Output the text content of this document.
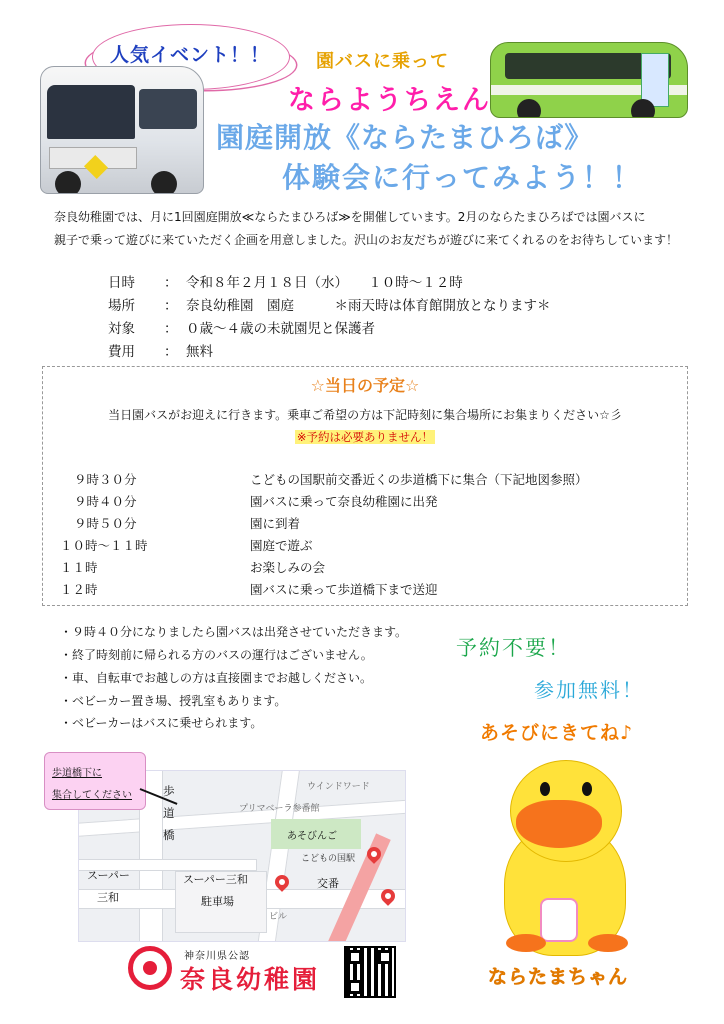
人気イベント！！	園バスに乗って
ならようちえん
園庭開放《ならたまひろば》
体験会に行ってみよう！！
奈良幼稚園では、月に1回園庭開放≪ならたまひろば≫を開催しています。2月のならたまひろばでは園バスに
親子で乗って遊びに来ていただく企画を用意しました。沢山のお友だちが遊びに来てくれるのをお待ちしています！
日時 ： 令和８年２月１８日（水）　　１０時～１２時
場所 ： 奈良幼稚園　園庭　　　＊雨天時は体育館開放となります＊
対象 ： ０歳～４歳の未就園児と保護者
費用 ： 無料
☆当日の予定☆
当日園バスがお迎えに行きます。乗車ご希望の方は下記時刻に集合場所にお集まりください☆彡
※予約は必要ありません！
９時３０分	こどもの国駅前交番近くの歩道橋下に集合（下記地図参照）
９時４０分	園バスに乗って奈良幼稚園に出発
９時５０分	園に到着
１０時～１１時	園庭で遊ぶ
１１時	お楽しみの会
１２時	園バスに乗って歩道橋下まで送迎
・９時４０分になりましたら園バスは出発させていただきます。
・終了時刻前に帰られる方のバスの運行はございません。
・車、自転車でお越しの方は直接園までお越しください。
・ベビーカー置き場、授乳室もあります。
・ベビーカーはバスに乗せられます。
予約不要！
参加無料！
あそびにきてね♪
歩
道
橋
ウインドワード
プリマベーラ参番館
あそびんご
こどもの国駅
交番
スーパー
三和
スーパー三和
駐車場
ビル
歩道橋下に
集合してください
神奈川県公認
奈良幼稚園	ならたまちゃん
